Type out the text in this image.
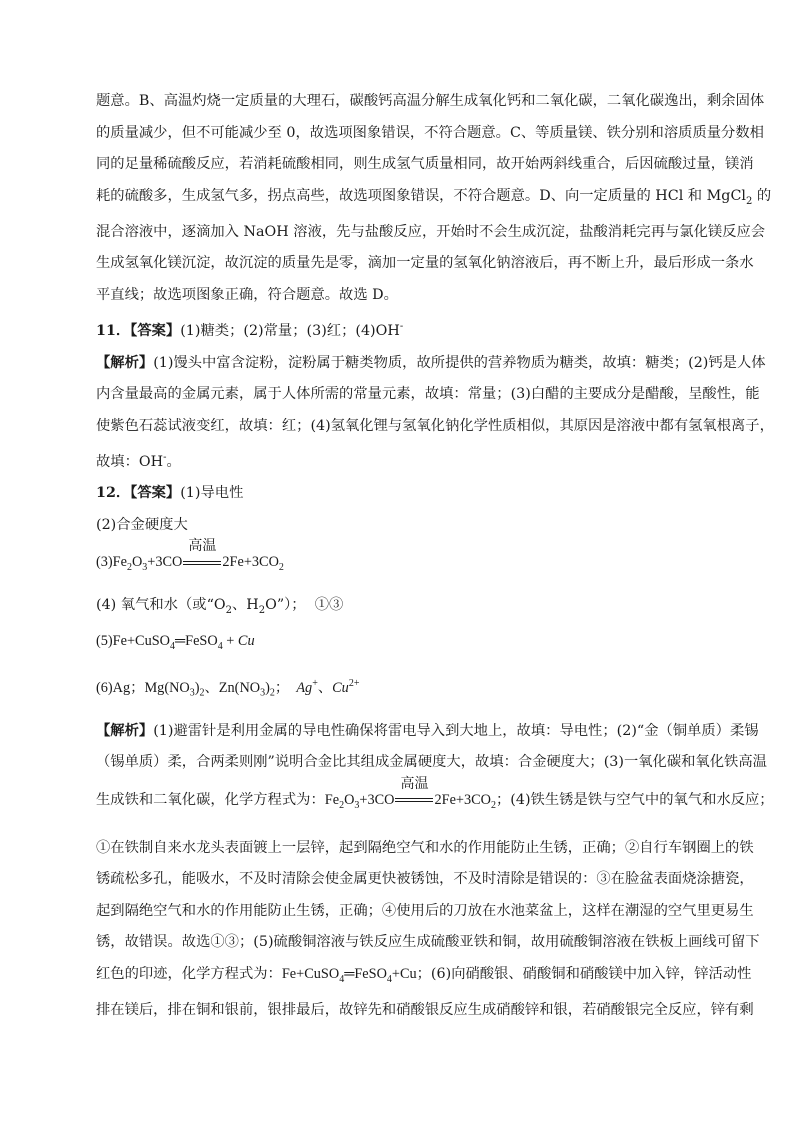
题意。B、高温灼烧一定质量的大理石，碳酸钙高温分解生成氧化钙和二氧化碳，二氧化碳逸出，剩余固体
的质量减少，但不可能减少至 0，故选项图象错误，不符合题意。C、等质量镁、铁分别和溶质质量分数相
同的足量稀硫酸反应，若消耗硫酸相同，则生成氢气质量相同，故开始两斜线重合，后因硫酸过量，镁消
耗的硫酸多，生成氢气多，拐点高些，故选项图象错误，不符合题意。D、向一定质量的 HCl 和 MgCl$_2$ 的
混合溶液中，逐滴加入 NaOH 溶液，先与盐酸反应，开始时不会生成沉淀，盐酸消耗完再与氯化镁反应会
生成氢氧化镁沉淀，故沉淀的质量先是零，滴加一定量的氢氧化钠溶液后，再不断上升，最后形成一条水
平直线；故选项图象正确，符合题意。故选 D。
11．【答案】(1)糖类；(2)常量；(3)红；(4)OH-
【解析】(1)馒头中富含淀粉，淀粉属于糖类物质，故所提供的营养物质为糖类，故填：糖类；(2)钙是人体
内含量最高的金属元素，属于人体所需的常量元素，故填：常量；(3)白醋的主要成分是醋酸，呈酸性，能
使紫色石蕊试液变红，故填：红；(4)氢氧化锂与氢氧化钠化学性质相似，其原因是溶液中都有氢氧根离子，
故填：OH-。
12．【答案】(1)导电性
(2)合金硬度大
$(3)Fe_2O_3+3CO$
高温
$2Fe+3CO_2$
(4) 氧气和水（或“$O_2$、$H_2O$”）； ①③
(5)Fe+CuSO$_4$═FeSO$_4$ + Cu
(6)Ag；$Mg(NO_3)_2$、$Zn(NO_3)_2$；  Ag+、$Cu^{2+}$
【解析】(1)避雷针是利用金属的导电性确保将雷电导入到大地上，故填：导电性；(2)“金（铜单质）柔锡
（锡单质）柔，合两柔则刚”说明合金比其组成金属硬度大，故填：合金硬度大；(3)一氧化碳和氧化铁高温
生成铁和二氧化碳，化学方程式为：$Fe_2O_3+3CO$
高温
$2Fe+3CO_2$；(4)铁生锈是铁与空气中的氧气和水反应；
①在铁制自来水龙头表面镀上一层锌，起到隔绝空气和水的作用能防止生锈，正确；②自行车钢圈上的铁
锈疏松多孔，能吸水，不及时清除会使金属更快被锈蚀，不及时清除是错误的：③在脸盆表面烧涂搪瓷，
起到隔绝空气和水的作用能防止生锈，正确；④使用后的刀放在水池菜盆上，这样在潮湿的空气里更易生
锈，故错误。故选①③；(5)硫酸铜溶液与铁反应生成硫酸亚铁和铜，故用硫酸铜溶液在铁板上画线可留下
红色的印迹，化学方程式为：Fe+CuSO$_4$═FeSO$_4$+Cu；(6)向硝酸银、硝酸铜和硝酸镁中加入锌，锌活动性
排在镁后，排在铜和银前，银排最后，故锌先和硝酸银反应生成硝酸锌和银，若硝酸银完全反应，锌有剩
